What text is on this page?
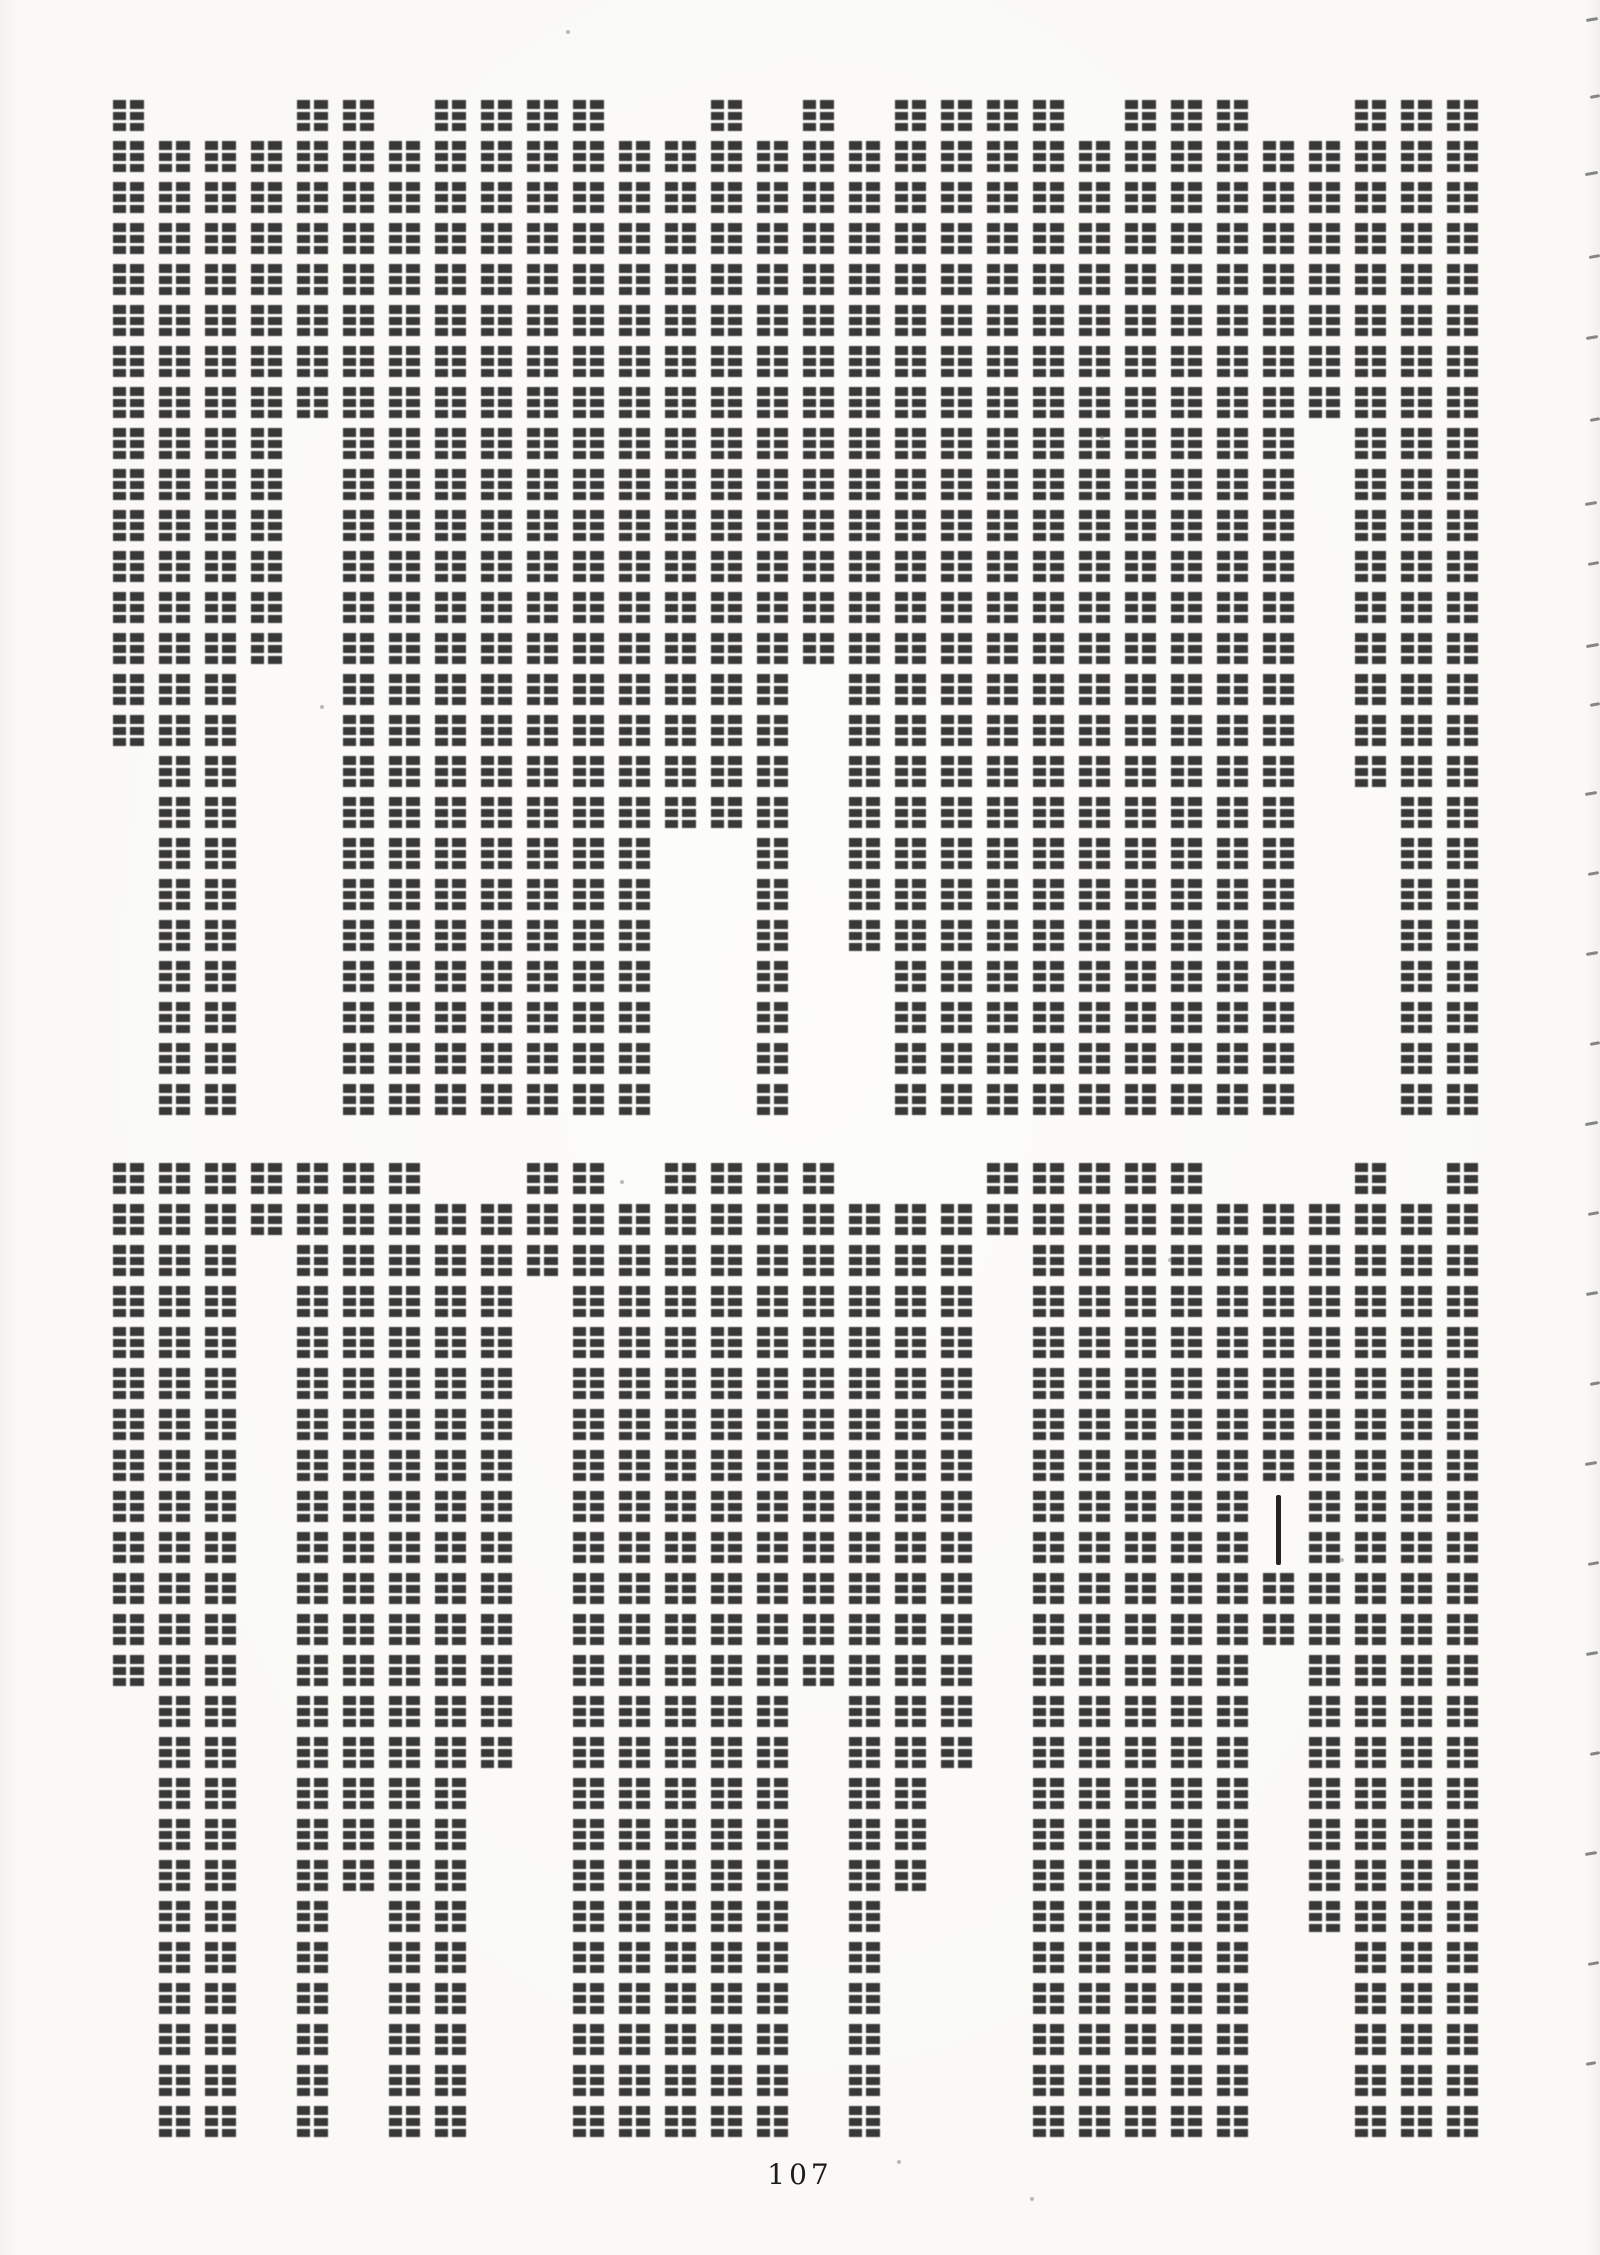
107
